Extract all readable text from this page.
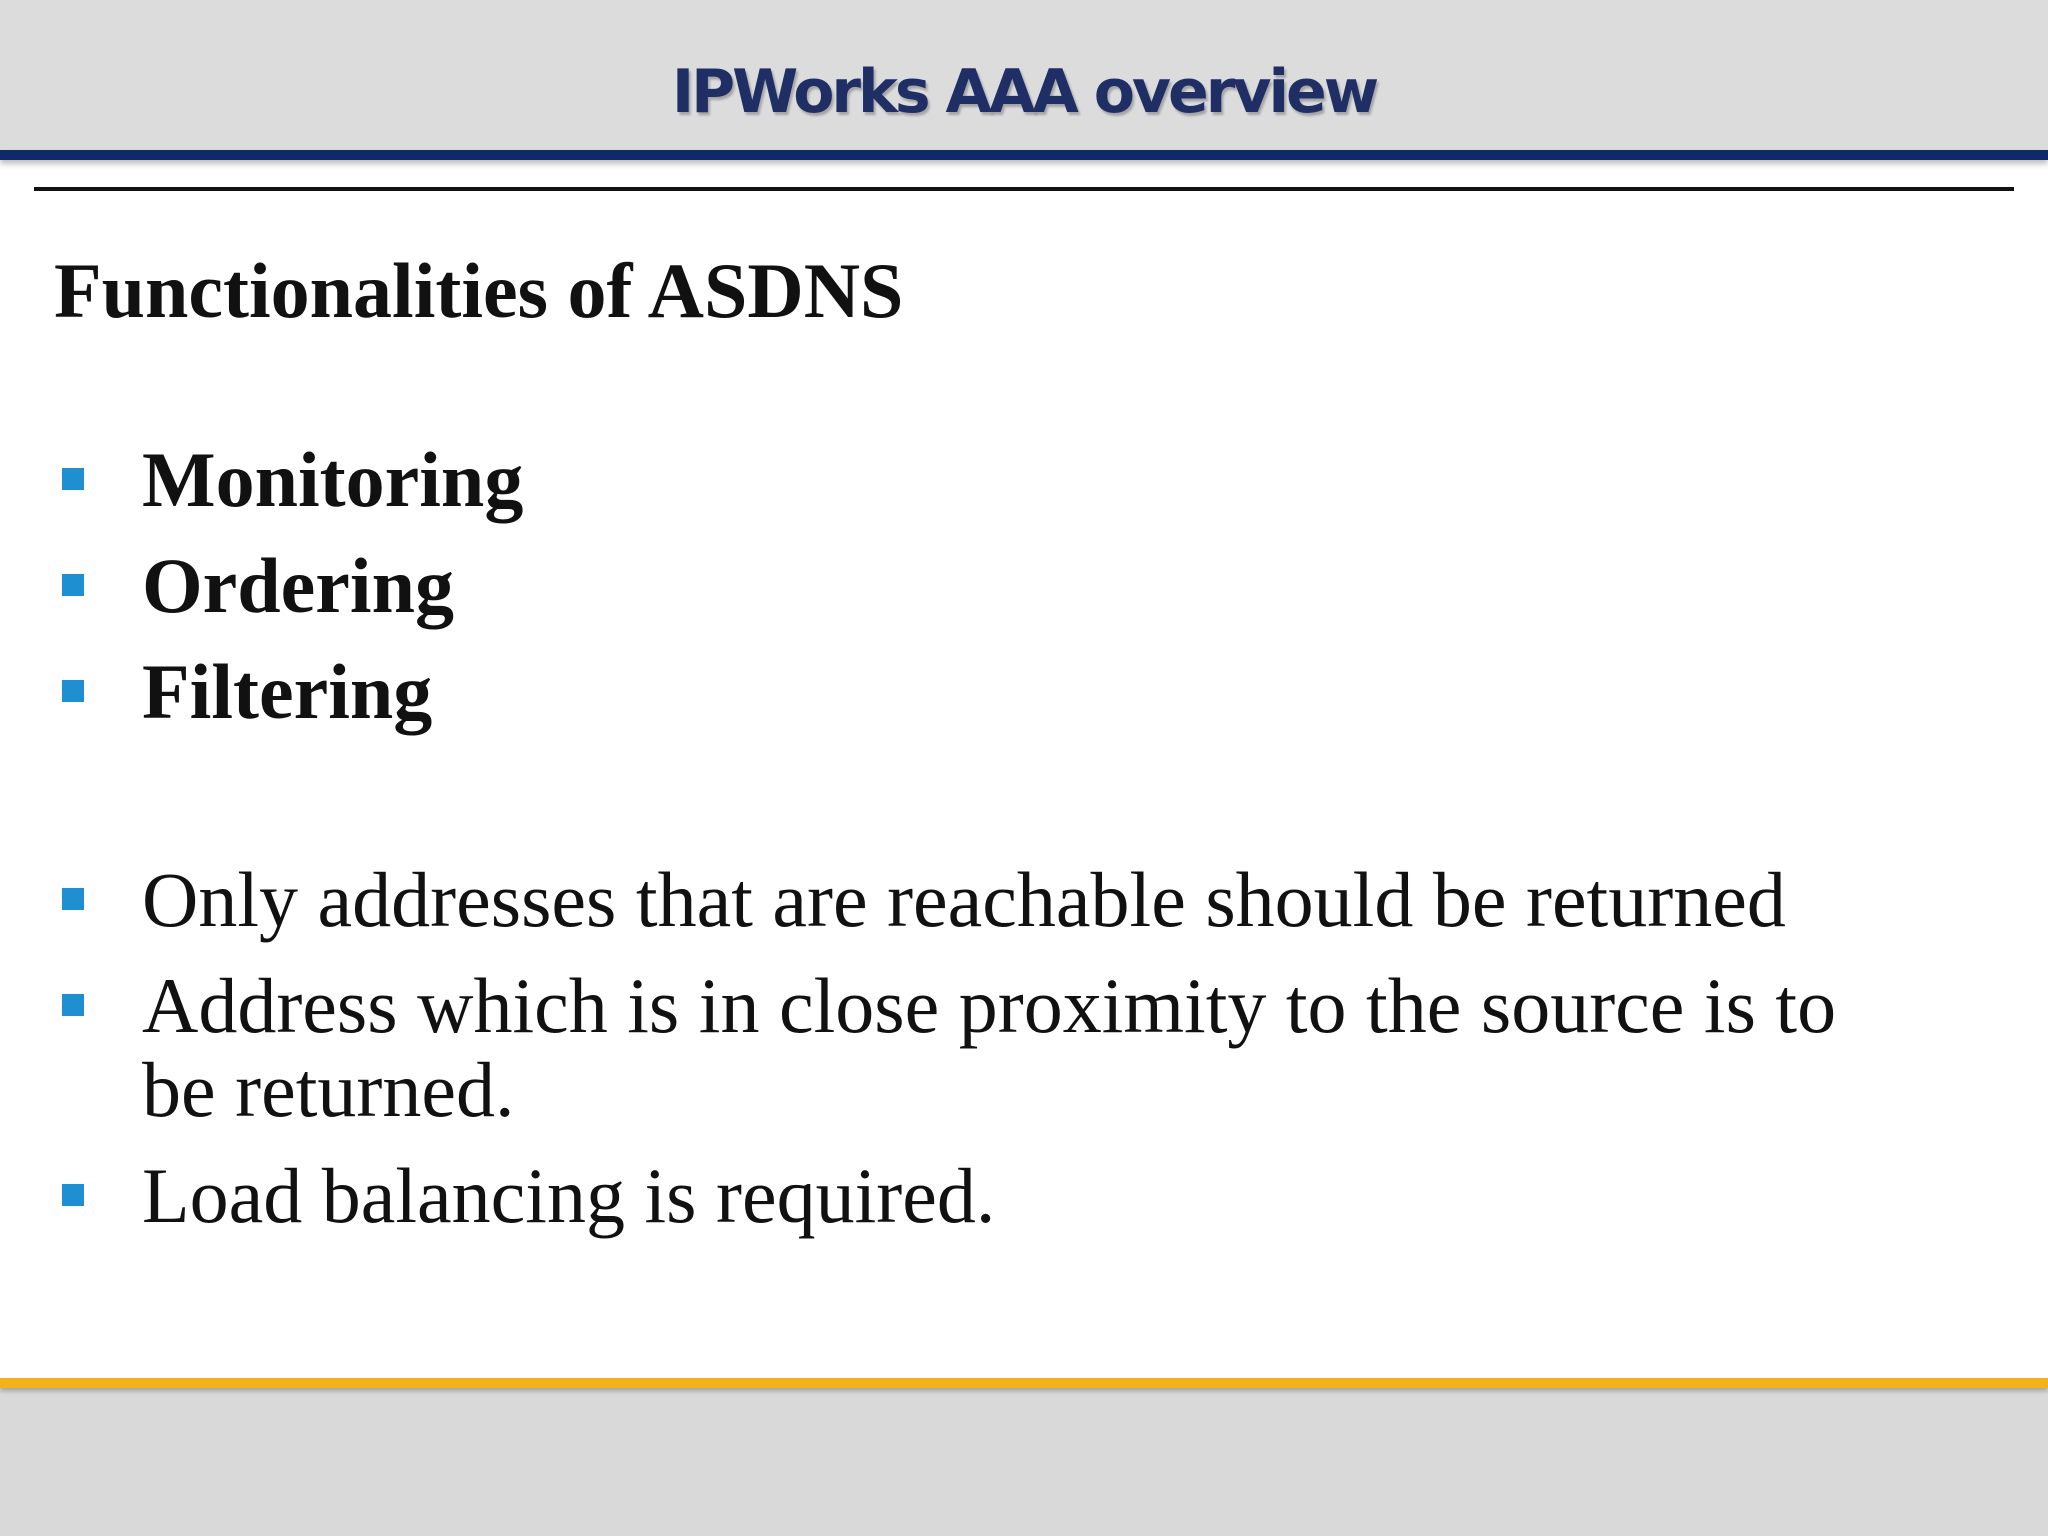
IPWorks AAA overview
Functionalities of ASDNS
Monitoring
Ordering
Filtering
Only addresses that are reachable should be returned
Address which is in close proximity to the source is to be returned.
Load balancing is required.
